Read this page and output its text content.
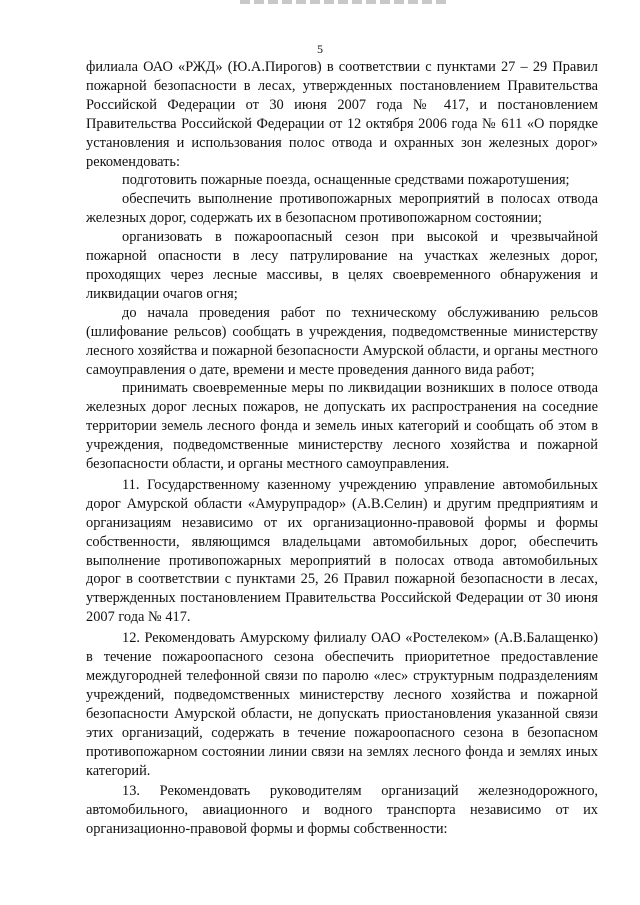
5

филиала ОАО «РЖД» (Ю.А.Пирогов) в соответствии с пунктами 27 – 29 Правил пожарной безопасности в лесах, утвержденных постановлением Правительства Российской Федерации от 30 июня 2007 года № 417, и постановлением Правительства Российской Федерации от 12 октября 2006 года № 611 «О порядке установления и использования полос отвода и охранных зон железных дорог» рекомендовать:

подготовить пожарные поезда, оснащенные средствами пожаротушения;

обеспечить выполнение противопожарных мероприятий в полосах отвода железных дорог, содержать их в безопасном противопожарном состоянии;

организовать в пожароопасный сезон при высокой и чрезвычайной пожарной опасности в лесу патрулирование на участках железных дорог, проходящих через лесные массивы, в целях своевременного обнаружения и ликвидации очагов огня;

до начала проведения работ по техническому обслуживанию рельсов (шлифование рельсов) сообщать в учреждения, подведомственные министерству лесного хозяйства и пожарной безопасности Амурской области, и органы местного самоуправления о дате, времени и месте проведения данного вида работ;

принимать своевременные меры по ликвидации возникших в полосе отвода железных дорог лесных пожаров, не допускать их распространения на соседние территории земель лесного фонда и земель иных категорий и сообщать об этом в учреждения, подведомственные министерству лесного хозяйства и пожарной безопасности области, и органы местного самоуправления.

11. Государственному казенному учреждению управление автомобильных дорог Амурской области «Амурупрадор» (А.В.Селин) и другим предприятиям и организациям независимо от их организационно-правовой формы и формы собственности, являющимся владельцами автомобильных дорог, обеспечить выполнение противопожарных мероприятий в полосах отвода автомобильных дорог в соответствии с пунктами 25, 26 Правил пожарной безопасности в лесах, утвержденных постановлением Правительства Российской Федерации от 30 июня 2007 года № 417.

12. Рекомендовать Амурскому филиалу ОАО «Ростелеком» (А.В.Балащенко) в течение пожароопасного сезона обеспечить приоритетное предоставление междугородней телефонной связи по паролю «лес» структурным подразделениям учреждений, подведомственных министерству лесного хозяйства и пожарной безопасности Амурской области, не допускать приостановления указанной связи этих организаций, содержать в течение пожароопасного сезона в безопасном противопожарном состоянии линии связи на землях лесного фонда и землях иных категорий.

13. Рекомендовать руководителям организаций железнодорожного, автомобильного, авиационного и водного транспорта независимо от их организационно-правовой формы и формы собственности:
